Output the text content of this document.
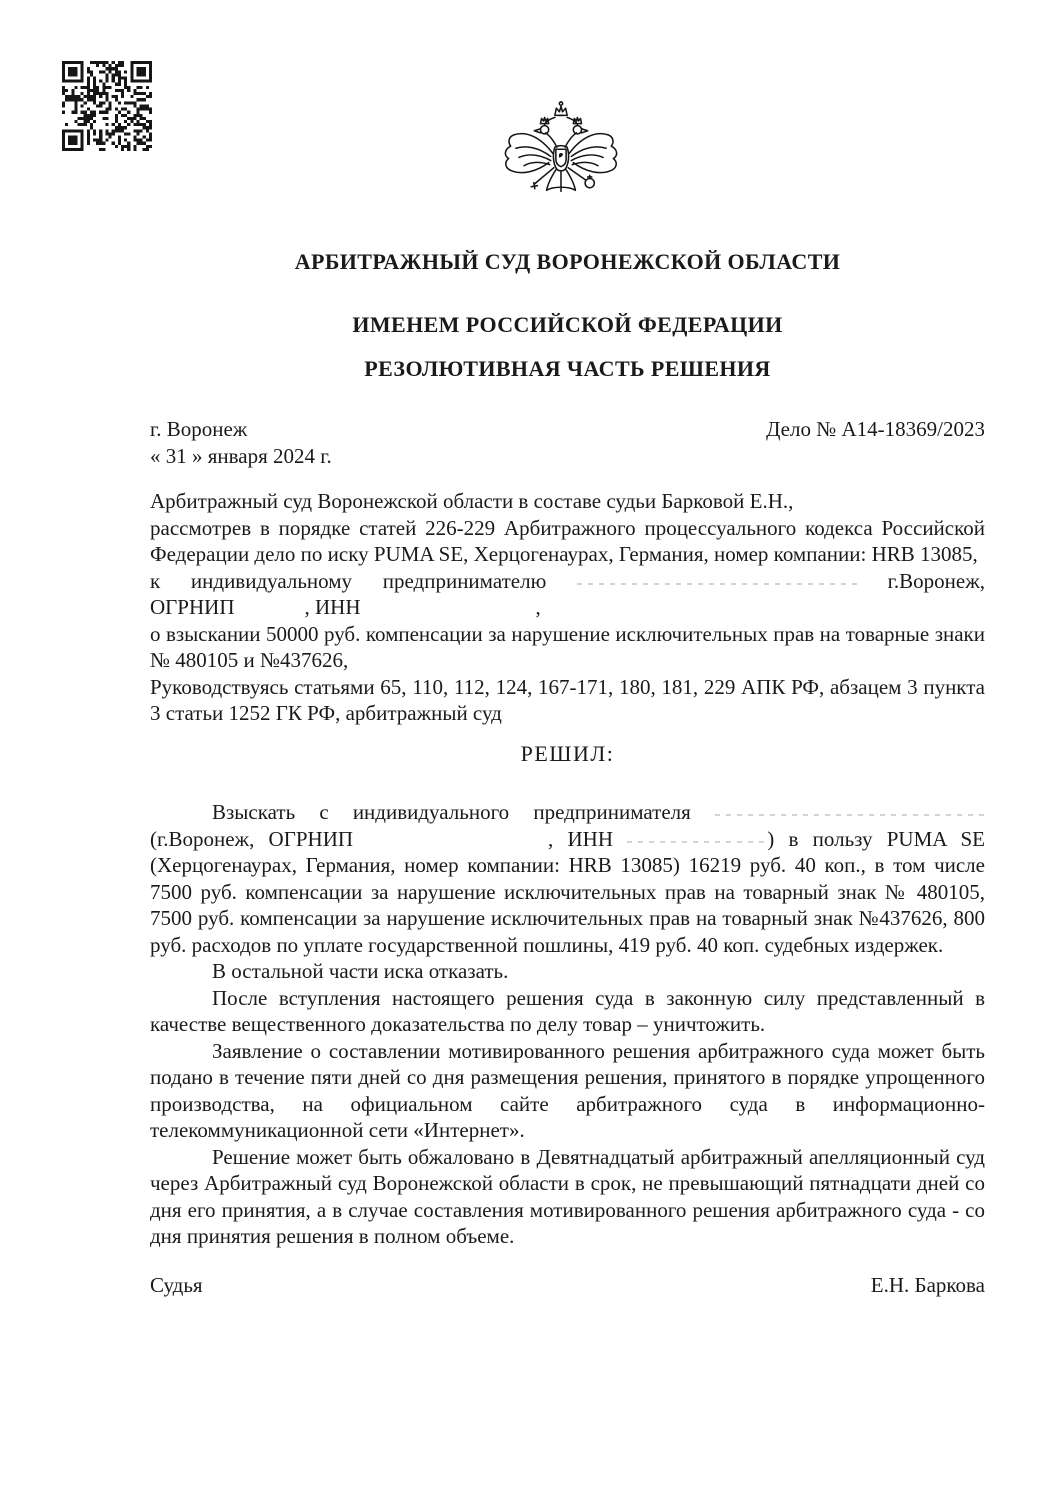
АРБИТРАЖНЫЙ СУД ВОРОНЕЖСКОЙ ОБЛАСТИ
ИМЕНЕМ РОССИЙСКОЙ ФЕДЕРАЦИИ
РЕЗОЛЮТИВНАЯ ЧАСТЬ РЕШЕНИЯ
г. Воронеж	Дело № А14-18369/2023
« 31 » января 2024 г.

Арбитражный суд Воронежской области в составе судьи Барковой Е.Н.,

рассмотрев в порядке статей 226-229 Арбитражного процессуального кодекса Российской Федерации дело по иску PUMA SE, Херцогенаурах, Германия, номер компании: HRB 13085,

к индивидуальному предпринимателю	г.Воронеж,
ОГРНИП	, ИНН	,

о взыскании 50000 руб. компенсации за нарушение исключительных прав на товарные знаки № 480105 и №437626,

Руководствуясь статьями 65, 110, 112, 124, 167-171, 180, 181, 229 АПК РФ, абзацем 3 пункта 3 статьи 1252 ГК РФ, арбитражный суд

РЕШИЛ:

Взыскать с индивидуального предпринимателя  (г.Воронеж, ОГРНИП	, ИНН	) в пользу PUMA SE (Херцогенаурах, Германия, номер компании: HRB 13085) 16219 руб. 40 коп., в том числе 7500 руб. компенсации за нарушение исключительных прав на товарный знак № 480105, 7500 руб. компенсации за нарушение исключительных прав на товарный знак №437626, 800 руб. расходов по уплате государственной пошлины, 419 руб. 40 коп. судебных издержек.

В остальной части иска отказать.

После вступления настоящего решения суда в законную силу представленный в качестве вещественного доказательства по делу товар – уничтожить.

Заявление о составлении мотивированного решения арбитражного суда может быть подано в течение пяти дней со дня размещения решения, принятого в порядке упрощенного производства, на официальном сайте арбитражного суда в информационно-телекоммуникационной сети «Интернет».

Решение может быть обжаловано в Девятнадцатый арбитражный апелляционный суд через Арбитражный суд Воронежской области в срок, не превышающий пятнадцати дней со дня его принятия, а в случае составления мотивированного решения арбитражного суда - со дня принятия решения в полном объеме.

Судья	Е.Н. Баркова
